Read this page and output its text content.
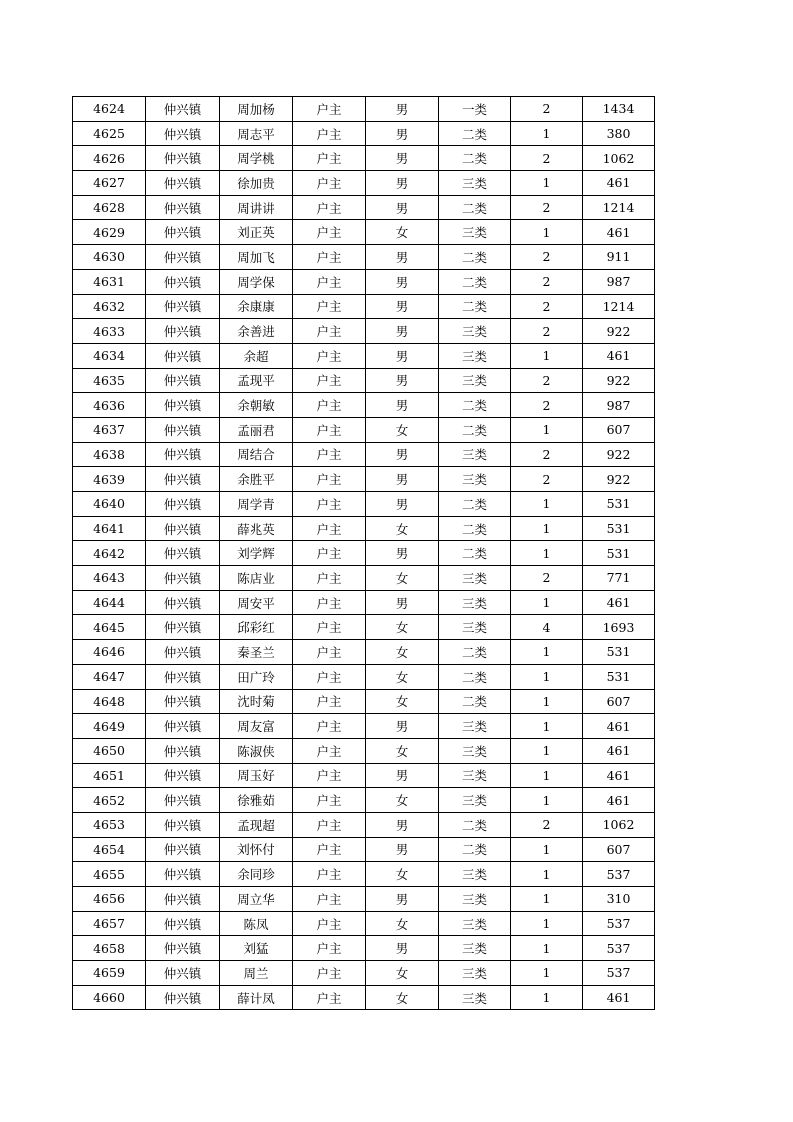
4624	仲兴镇	周加杨	户主	男	一类	2	1434
4625	仲兴镇	周志平	户主	男	二类	1	380
4626	仲兴镇	周学桃	户主	男	二类	2	1062
4627	仲兴镇	徐加贵	户主	男	三类	1	461
4628	仲兴镇	周讲讲	户主	男	二类	2	1214
4629	仲兴镇	刘正英	户主	女	三类	1	461
4630	仲兴镇	周加飞	户主	男	二类	2	911
4631	仲兴镇	周学保	户主	男	二类	2	987
4632	仲兴镇	余康康	户主	男	二类	2	1214
4633	仲兴镇	余善进	户主	男	三类	2	922
4634	仲兴镇	余超	户主	男	三类	1	461
4635	仲兴镇	孟现平	户主	男	三类	2	922
4636	仲兴镇	余朝敏	户主	男	二类	2	987
4637	仲兴镇	孟丽君	户主	女	二类	1	607
4638	仲兴镇	周结合	户主	男	三类	2	922
4639	仲兴镇	余胜平	户主	男	三类	2	922
4640	仲兴镇	周学青	户主	男	二类	1	531
4641	仲兴镇	薛兆英	户主	女	二类	1	531
4642	仲兴镇	刘学辉	户主	男	二类	1	531
4643	仲兴镇	陈店业	户主	女	三类	2	771
4644	仲兴镇	周安平	户主	男	三类	1	461
4645	仲兴镇	邱彩红	户主	女	三类	4	1693
4646	仲兴镇	秦圣兰	户主	女	二类	1	531
4647	仲兴镇	田广玲	户主	女	二类	1	531
4648	仲兴镇	沈时菊	户主	女	二类	1	607
4649	仲兴镇	周友富	户主	男	三类	1	461
4650	仲兴镇	陈淑侠	户主	女	三类	1	461
4651	仲兴镇	周玉好	户主	男	三类	1	461
4652	仲兴镇	徐雅茹	户主	女	三类	1	461
4653	仲兴镇	孟现超	户主	男	二类	2	1062
4654	仲兴镇	刘怀付	户主	男	二类	1	607
4655	仲兴镇	余同珍	户主	女	三类	1	537
4656	仲兴镇	周立华	户主	男	三类	1	310
4657	仲兴镇	陈凤	户主	女	三类	1	537
4658	仲兴镇	刘猛	户主	男	三类	1	537
4659	仲兴镇	周兰	户主	女	三类	1	537
4660	仲兴镇	薛计凤	户主	女	三类	1	461
